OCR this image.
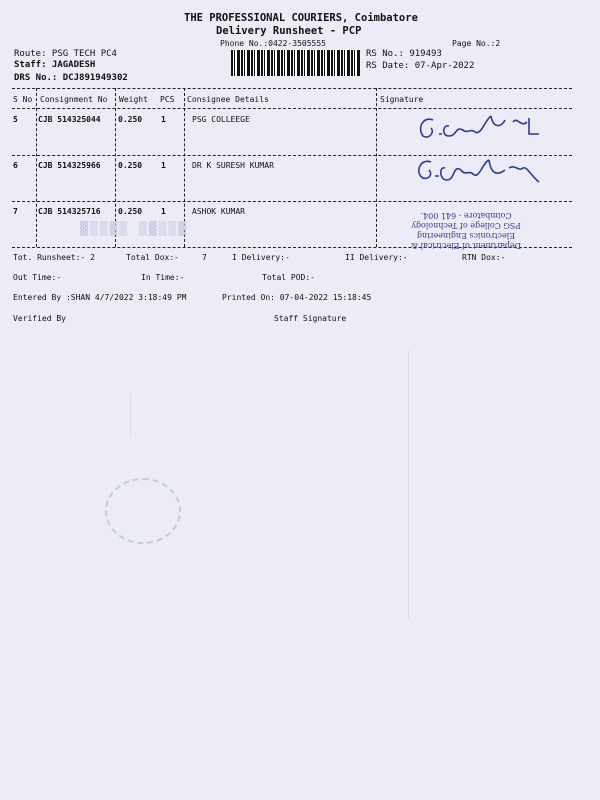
THE PROFESSIONAL COURIERS, Coimbatore
Delivery Runsheet - PCP
Phone No.:0422-3505555	Page No.:2
Route: PSG TECH PC4
Staff: JAGADESH
DRS No.: DCJ891949302
RS No.: 919493
RS Date: 07-Apr-2022
S No Consignment No Weight PCS Consignee Details	Signature
5	CJB 514325044 0.250 1	PSG COLLEEGE
6	CJB 514325966 0.250 1	DR K SURESH KUMAR
7	CJB 514325716 0.250 1	ASHOK KUMAR
▓▒▒▓▒ ▒▓▒▒▓
Department of Electrical &
Electronics Engineering
PSG College of Technology
Coimbatore - 641 004.
Tot. Runsheet:- 2	Total Dox:-	7	I Delivery:-	II Delivery:-	RTN Dox:-
Out Time:-	In Time:-	Total POD:-
Entered By :SHAN 4/7/2022 3:18:49 PM	Printed On: 07-04-2022 15:18:45
Verified By	Staff Signature
